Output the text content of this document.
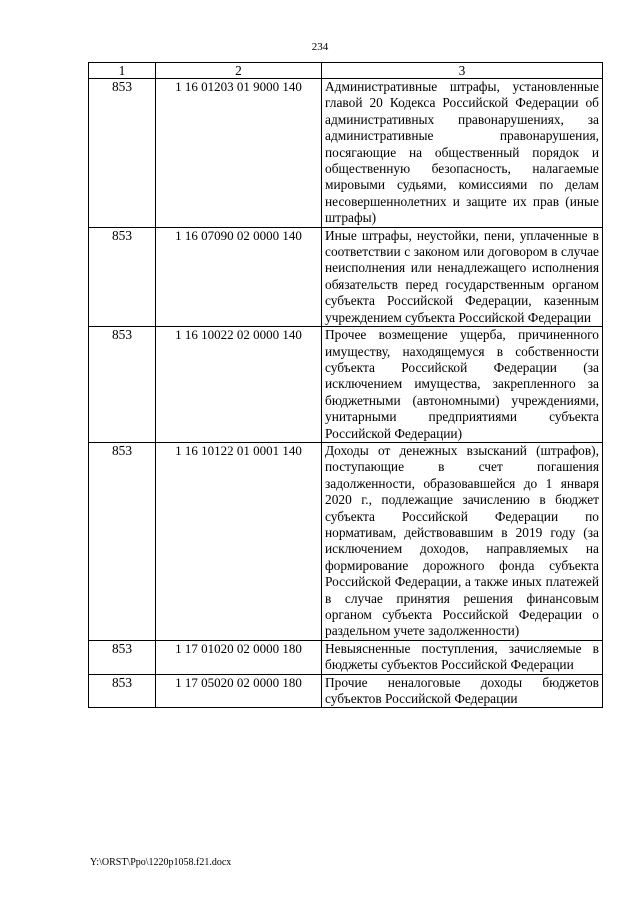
234
1	2	3
853	1 16 01203 01 9000 140	Административные штрафы, установленные главой 20 Кодекса Российской Федерации об административных правонарушениях, за административные правонарушения, посягающие на общественный порядок и общественную безопасность, налагаемые мировыми судьями, комиссиями по делам несовершеннолетних и защите их прав (иные штрафы)
853	1 16 07090 02 0000 140	Иные штрафы, неустойки, пени, уплаченные в соответствии с законом или договором в случае неисполнения или ненадлежащего исполнения обязательств перед государственным органом субъекта Российской Федерации, казенным учреждением субъекта Российской Федерации
853	1 16 10022 02 0000 140	Прочее возмещение ущерба, причиненного имуществу, находящемуся в собственности субъекта Российской Федерации (за исключением имущества, закрепленного за бюджетными (автономными) учреждениями, унитарными предприятиями субъекта Российской Федерации)
853	1 16 10122 01 0001 140	Доходы от денежных взысканий (штрафов), поступающие в счет погашения задолженности, образовавшейся до 1 января 2020 г., подлежащие зачислению в бюджет субъекта Российской Федерации по нормативам, действовавшим в 2019 году (за исключением доходов, направляемых на формирование дорожного фонда субъекта Российской Федерации, а также иных платежей в случае принятия решения финансовым органом субъекта Российской Федерации о раздельном учете задолженности)
853	1 17 01020 02 0000 180	Невыясненные поступления, зачисляемые в бюджеты субъектов Российской Федерации
853	1 17 05020 02 0000 180	Прочие неналоговые доходы бюджетов субъектов Российской Федерации
Y:\ORST\Ppo\1220p1058.f21.docx
